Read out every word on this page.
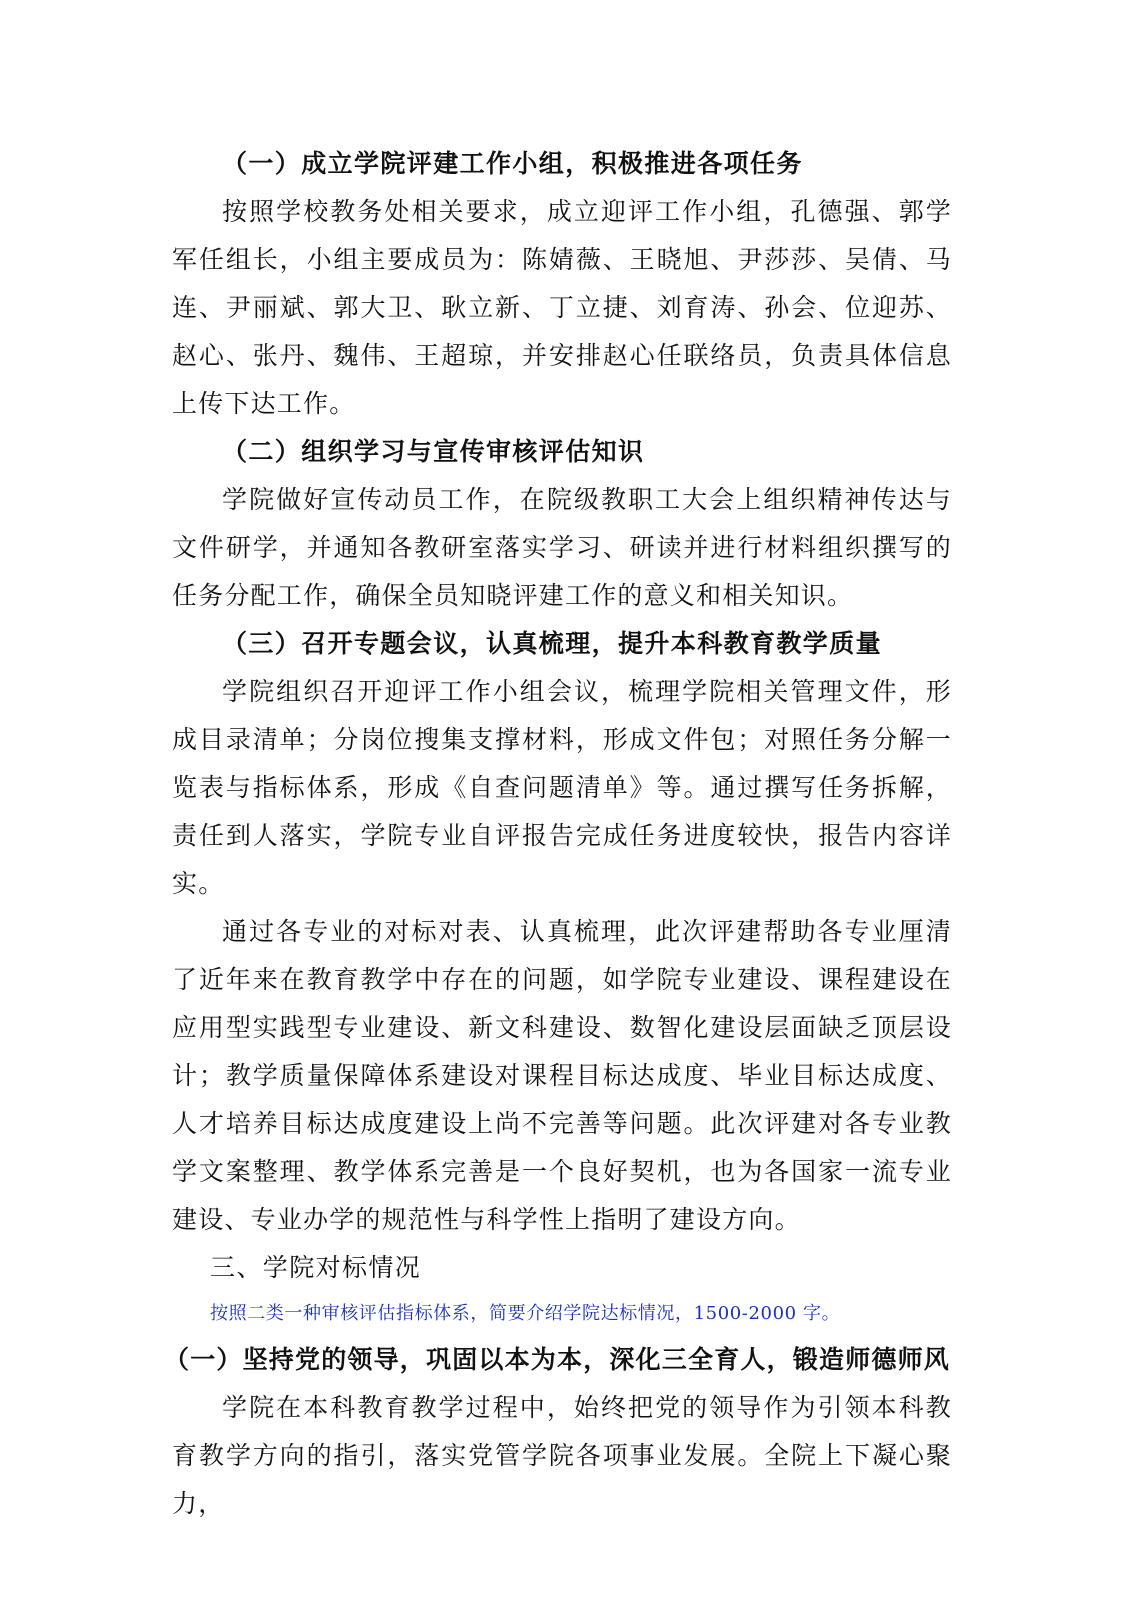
（一）成立学院评建工作小组，积极推进各项任务

按照学校教务处相关要求，成立迎评工作小组，孔德强、郭学军任组长，小组主要成员为：陈婧薇、王晓旭、尹莎莎、吴倩、马连、尹丽斌、郭大卫、耿立新、丁立捷、刘育涛、孙会、位迎苏、赵心、张丹、魏伟、王超琼，并安排赵心任联络员，负责具体信息上传下达工作。

（二）组织学习与宣传审核评估知识

学院做好宣传动员工作，在院级教职工大会上组织精神传达与文件研学，并通知各教研室落实学习、研读并进行材料组织撰写的任务分配工作，确保全员知晓评建工作的意义和相关知识。

（三）召开专题会议，认真梳理，提升本科教育教学质量

学院组织召开迎评工作小组会议，梳理学院相关管理文件，形成目录清单；分岗位搜集支撑材料，形成文件包；对照任务分解一览表与指标体系，形成《自查问题清单》等。通过撰写任务拆解，责任到人落实，学院专业自评报告完成任务进度较快，报告内容详实。

通过各专业的对标对表、认真梳理，此次评建帮助各专业厘清了近年来在教育教学中存在的问题，如学院专业建设、课程建设在应用型实践型专业建设、新文科建设、数智化建设层面缺乏顶层设计；教学质量保障体系建设对课程目标达成度、毕业目标达成度、人才培养目标达成度建设上尚不完善等问题。此次评建对各专业教学文案整理、教学体系完善是一个良好契机，也为各国家一流专业建设、专业办学的规范性与科学性上指明了建设方向。

三、学院对标情况
按照二类一种审核评估指标体系，简要介绍学院达标情况，1500-2000 字。
（一）坚持党的领导，巩固以本为本，深化三全育人，锻造师德师风

学院在本科教育教学过程中，始终把党的领导作为引领本科教育教学方向的指引，落实党管学院各项事业发展。全院上下凝心聚力，
